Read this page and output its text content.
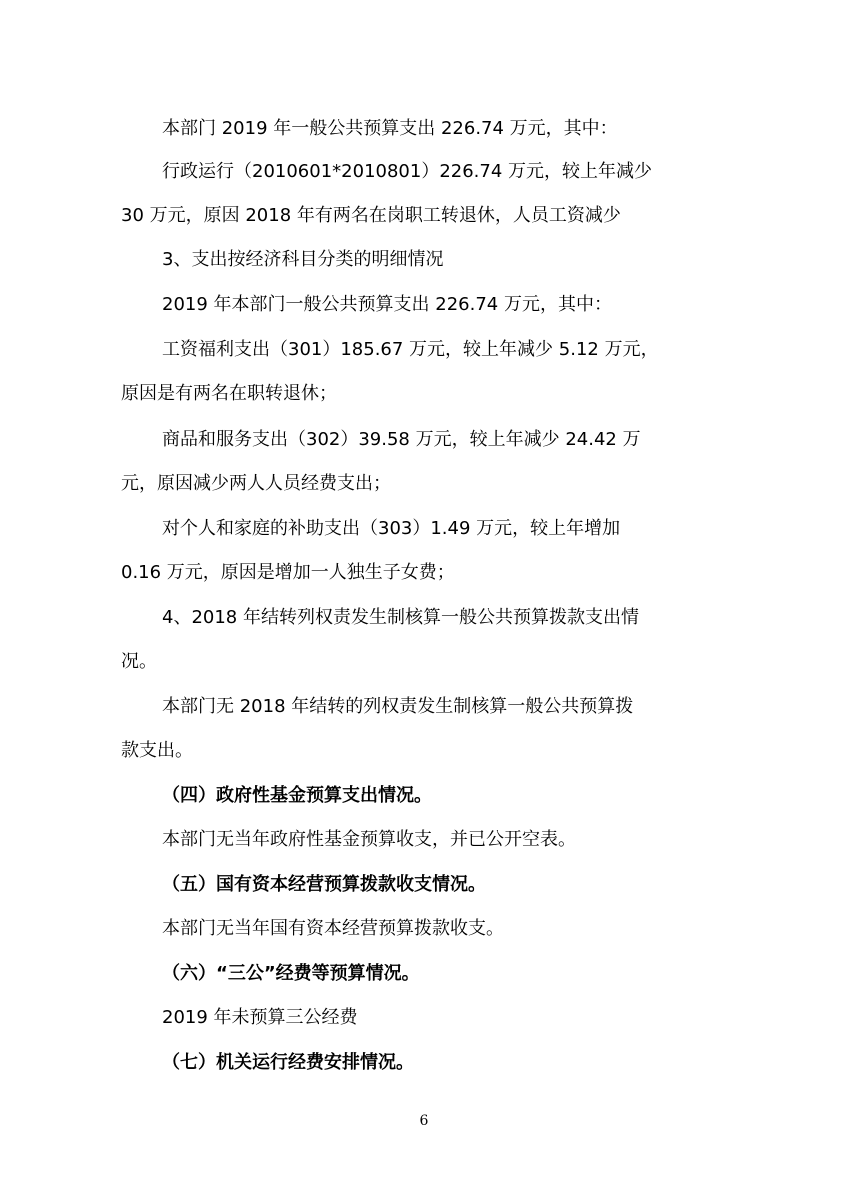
本部门 2019 年一般公共预算支出 226.74 万元，其中：
行政运行（2010601*2010801）226.74 万元，较上年减少
30 万元，原因 2018 年有两名在岗职工转退休，人员工资减少
3、支出按经济科目分类的明细情况
2019 年本部门一般公共预算支出 226.74 万元，其中：
工资福利支出（301）185.67 万元，较上年减少 5.12 万元，
原因是有两名在职转退休；
商品和服务支出（302）39.58 万元，较上年减少 24.42 万
元，原因减少两人人员经费支出；
对个人和家庭的补助支出（303）1.49 万元，较上年增加
0.16 万元，原因是增加一人独生子女费；
4、2018 年结转列权责发生制核算一般公共预算拨款支出情
况。
本部门无 2018 年结转的列权责发生制核算一般公共预算拨
款支出。
（四）政府性基金预算支出情况。
本部门无当年政府性基金预算收支，并已公开空表。
（五）国有资本经营预算拨款收支情况。
本部门无当年国有资本经营预算拨款收支。
（六）“三公”经费等预算情况。
2019 年未预算三公经费
（七）机关运行经费安排情况。
6
